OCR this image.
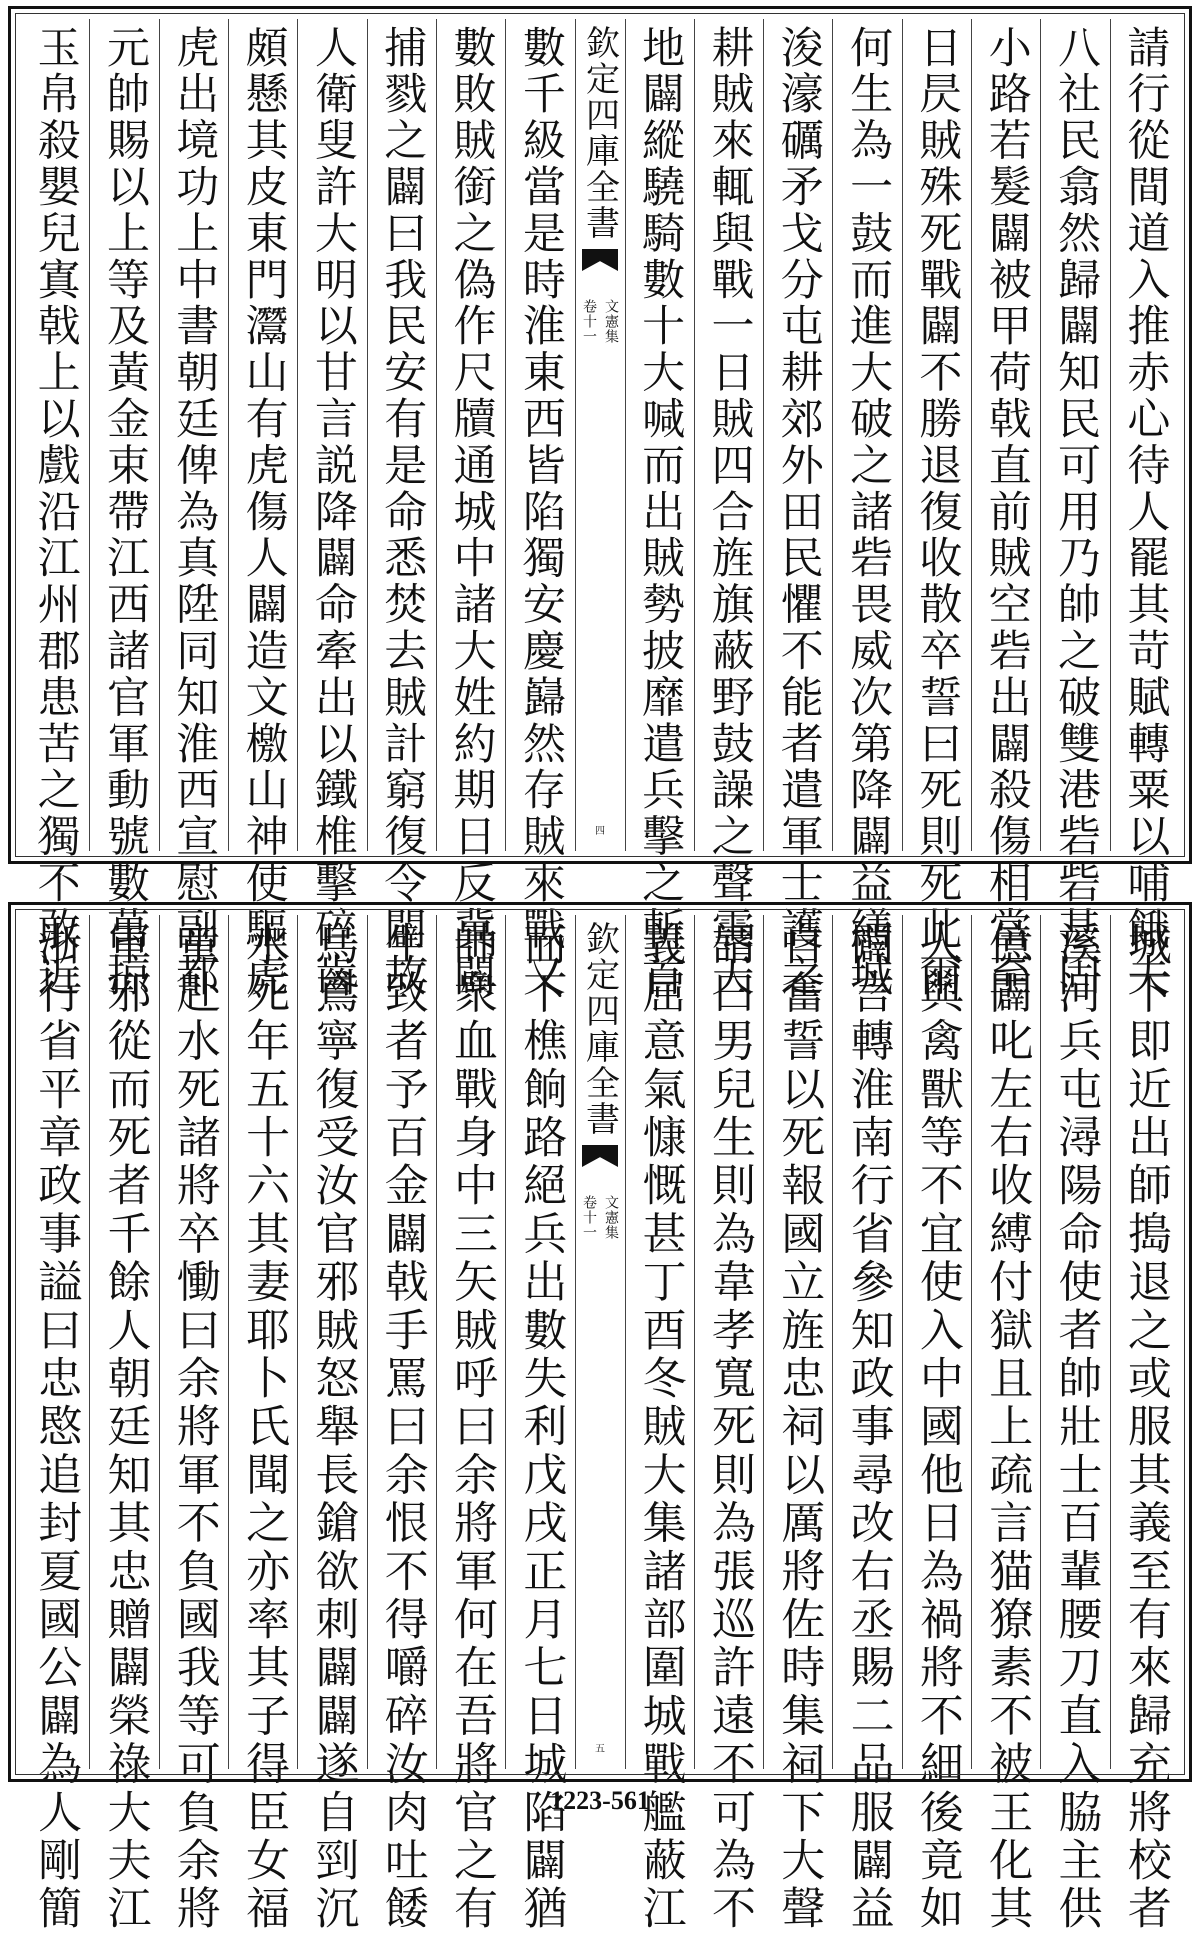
請行從間道入推赤心待人罷其苛賦轉粟以哺餓夫
八社民翕然歸闢知民可用乃帥之破雙港砦砦甚固
小路若髮闢被甲荷戟直前賊空砦出闢殺傷相當至
日昃賊殊死戰闢不勝退復收散卒誓曰死則死此爾
何生為一鼓而進大破之諸砦畏威次第降闢益繕城
浚濠礪矛戈分屯耕郊外田民懼不能者遣軍士護之
耕賊來輒與戰一日賊四合旌旗蔽野鼓譟之聲震天
地闢縱驍騎數十大喊而出賊勢披靡遣兵擊之斬首
欽定四庫全書
文憲集
卷十一
四
數千級當是時淮東西皆陷獨安慶巋然存賊來戰又
數敗賊銜之偽作尺牘通城中諸大姓約期日反冀闢
捕戮之闢曰我民安有是命悉焚去賊計窮復令闢故
人衛叟許大明以甘言説降闢命牽出以鐵椎擊碎齒
頗懸其皮東門灊山有虎傷人闢造文檄山神使驅虎
虎出境功上中書朝廷俾為真陞同知淮西宣慰副都
元帥賜以上等及黃金束帶江西諸官軍動號數萬掠
玉帛殺嬰兒寘戟上以戲沿江州郡患苦之獨不敢近
城下即近出師搗退之或服其義至有來歸充將校者
溪河兵屯潯陽命使者帥壯士百輩腰刀直入脇主供
億闢叱左右收縛付獄且上疏言猫獠素不被王化其
人與禽獸等不宜使入中國他日為禍將不細後竟如
闢言轉淮南行省參知政事尋改右丞賜二品服闢益
自奮誓以死報國立旌忠祠以厲將佐時集祠下大聲
謂曰男兒生則為韋孝寬死則為張巡許遠不可為不
義屈意氣慷慨甚丁酉冬賊大集諸部圍城戰艦蔽江
欽定四庫全書
文憲集
卷十一
五
而下樵餉路絕兵出數失利戊戌正月七日城陷闢猶
帥衆血戰身中三矢賊呼曰余將軍何在吾將官之有
生致者予百金闢戟手罵曰余恨不得嚼碎汝肉吐餧
烏鳶寧復受汝官邪賊怒舉長鎗欲刺闢闢遂自剄沉
水死年五十六其妻耶卜氏聞之亦率其子得臣女福
童赴水死諸將卒慟曰余將軍不負國我等可負余將
軍邪從而死者千餘人朝廷知其忠贈闢榮祿大夫江
浙行省平章政事謚曰忠愍追封夏國公闢為人剛簡	1223-561
